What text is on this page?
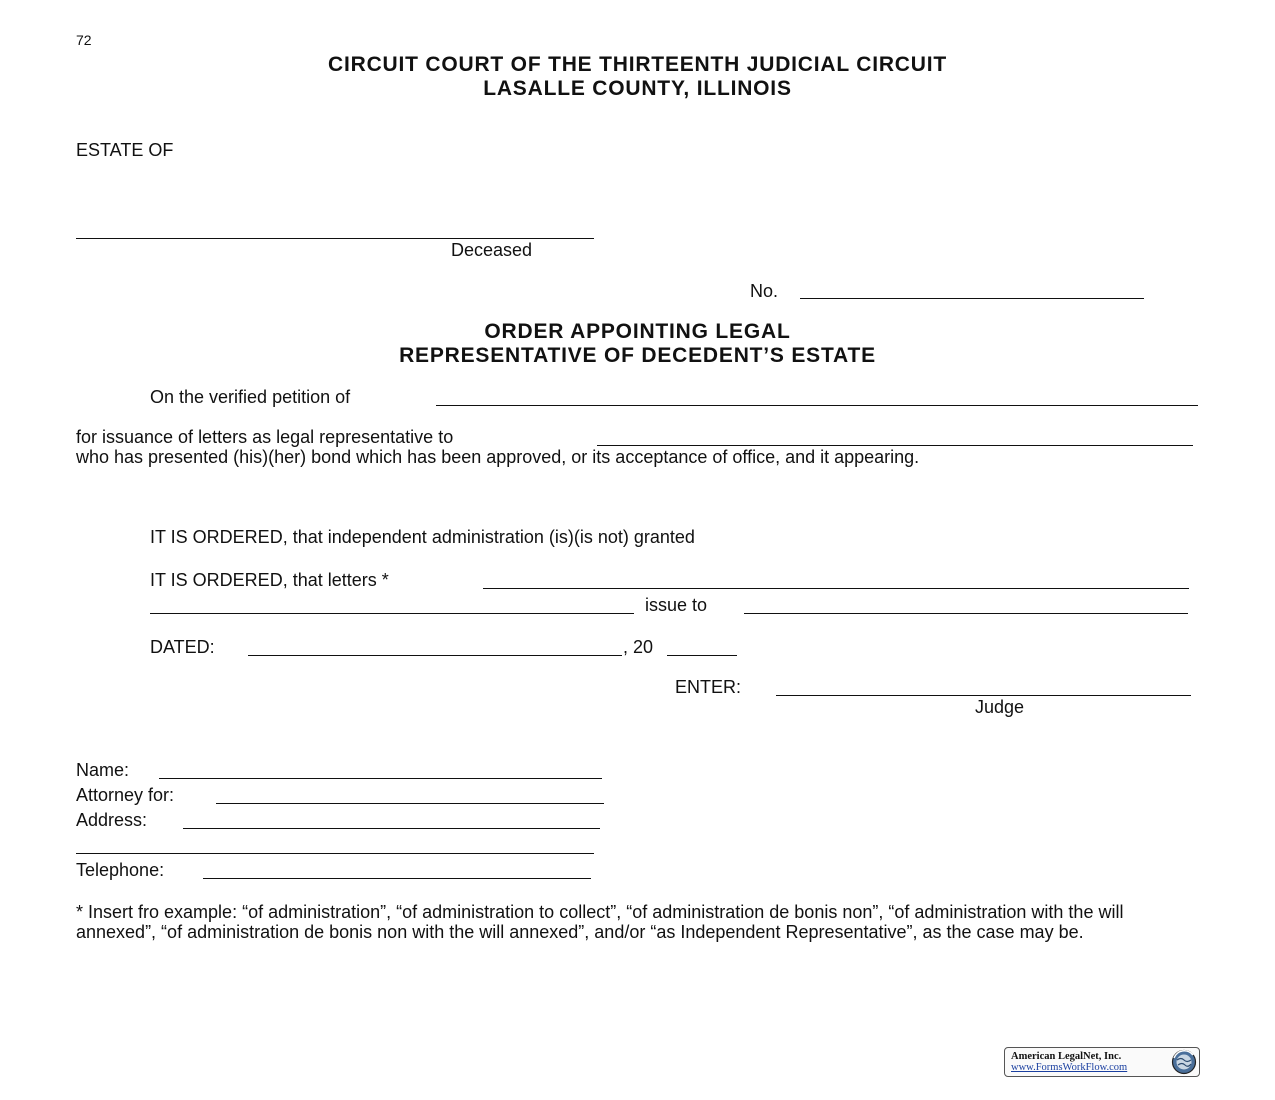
72
CIRCUIT COURT OF THE THIRTEENTH JUDICIAL CIRCUIT
LASALLE COUNTY, ILLINOIS
ESTATE OF
Deceased
No.
ORDER APPOINTING LEGAL
REPRESENTATIVE OF DECEDENT’S ESTATE
On the verified petition of
for issuance of letters as legal representative to
who has presented (his)(her) bond which has been approved, or its acceptance of office, and it appearing.
IT IS ORDERED, that independent administration (is)(is not) granted
IT IS ORDERED, that letters *
issue to
DATED:	, 20
ENTER:
Judge
Name:
Attorney for:
Address:
Telephone:
* Insert fro example: “of administration”, “of administration to collect”, “of administration de bonis non”, “of administration with the will annexed”, “of administration de bonis non with the will annexed”, and/or “as Independent Representative”, as the case may be.
American LegalNet, Inc.
www.FormsWorkFlow.com
